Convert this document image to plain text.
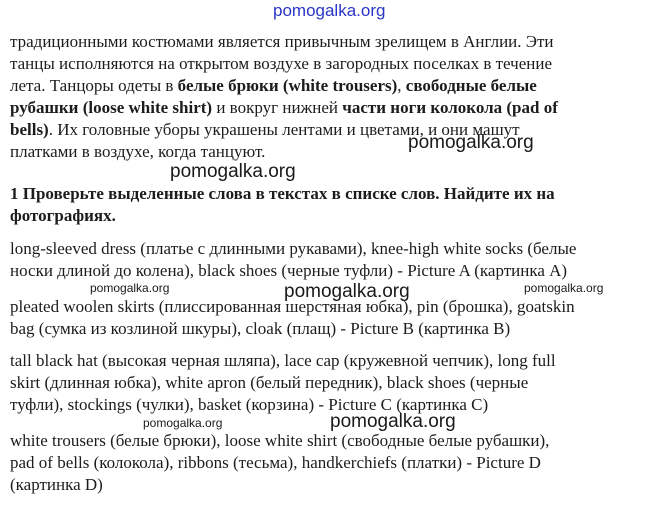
pomogalka.org
традиционными костюмами является привычным зрелищем в Англии. Эти
танцы исполняются на открытом воздухе в загородных поселках в течение
лета. Танцоры одеты в белые брюки (white trousers), свободные белые
рубашки (loose white shirt) и вокруг нижней части ноги колокола (pad of
bells). Их головные уборы украшены лентами и цветами, и они машут
платками в воздухе, когда танцуют.	pomogalka.org
pomogalka.org
1 Проверьте выделенные слова в текстах в списке слов. Найдите их на
фотографиях.
long-sleeved dress (платье с длинными рукавами), knee-high white socks (белые
носки длиной до колена), black shoes (черные туфли) - Picture A (картинка А)
pomogalka.org	pomogalka.org	pomogalka.org
pleated woolen skirts (плиссированная шерстяная юбка), pin (брошка), goatskin
bag (сумка из козлиной шкуры), cloak (плащ) - Picture B (картинка B)
tall black hat (высокая черная шляпа), lace cap (кружевной чепчик), long full
skirt (длинная юбка), white apron (белый передник), black shoes (черные
туфли), stockings (чулки), basket (корзина) - Picture C (картинка C)
pomogalka.org	pomogalka.org
white trousers (белые брюки), loose white shirt (свободные белые рубашки),
pad of bells (колокола), ribbons (тесьма), handkerchiefs (платки) - Picture D
(картинка D)
